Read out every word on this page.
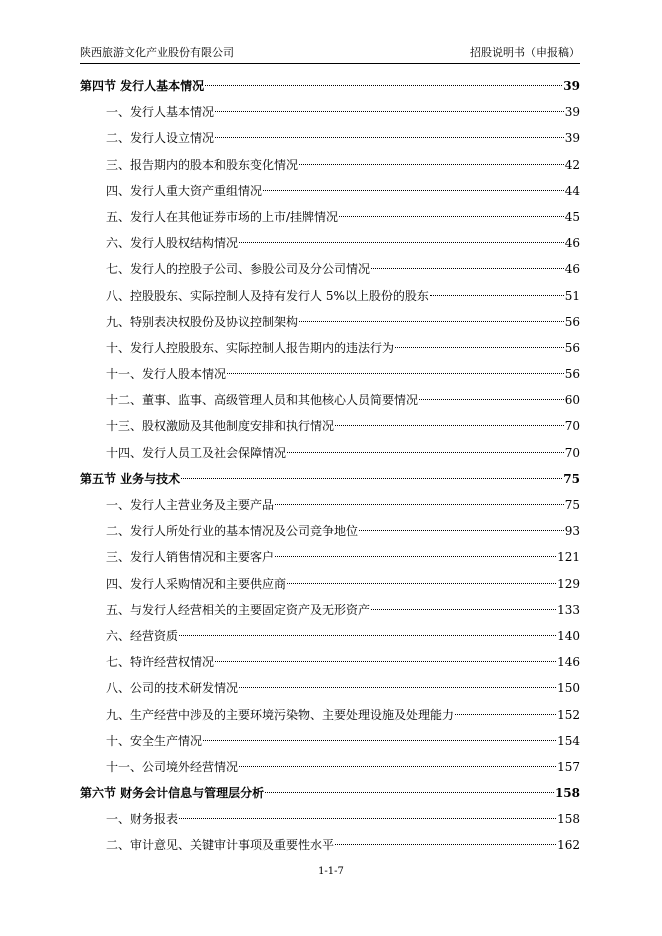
陕西旅游文化产业股份有限公司	招股说明书（申报稿）
第四节 发行人基本情况	39
一、发行人基本情况	39
二、发行人设立情况	39
三、报告期内的股本和股东变化情况	42
四、发行人重大资产重组情况	44
五、发行人在其他证券市场的上市/挂牌情况	45
六、发行人股权结构情况	46
七、发行人的控股子公司、参股公司及分公司情况	46
八、控股股东、实际控制人及持有发行人 5%以上股份的股东	51
九、特别表决权股份及协议控制架构	56
十、发行人控股股东、实际控制人报告期内的违法行为	56
十一、发行人股本情况	56
十二、董事、监事、高级管理人员和其他核心人员简要情况	60
十三、股权激励及其他制度安排和执行情况	70
十四、发行人员工及社会保障情况	70
第五节 业务与技术	75
一、发行人主营业务及主要产品	75
二、发行人所处行业的基本情况及公司竞争地位	93
三、发行人销售情况和主要客户	121
四、发行人采购情况和主要供应商	129
五、与发行人经营相关的主要固定资产及无形资产	133
六、经营资质	140
七、特许经营权情况	146
八、公司的技术研发情况	150
九、生产经营中涉及的主要环境污染物、主要处理设施及处理能力	152
十、安全生产情况	154
十一、公司境外经营情况	157
第六节 财务会计信息与管理层分析	158
一、财务报表	158
二、审计意见、关键审计事项及重要性水平	162
1-1-7
